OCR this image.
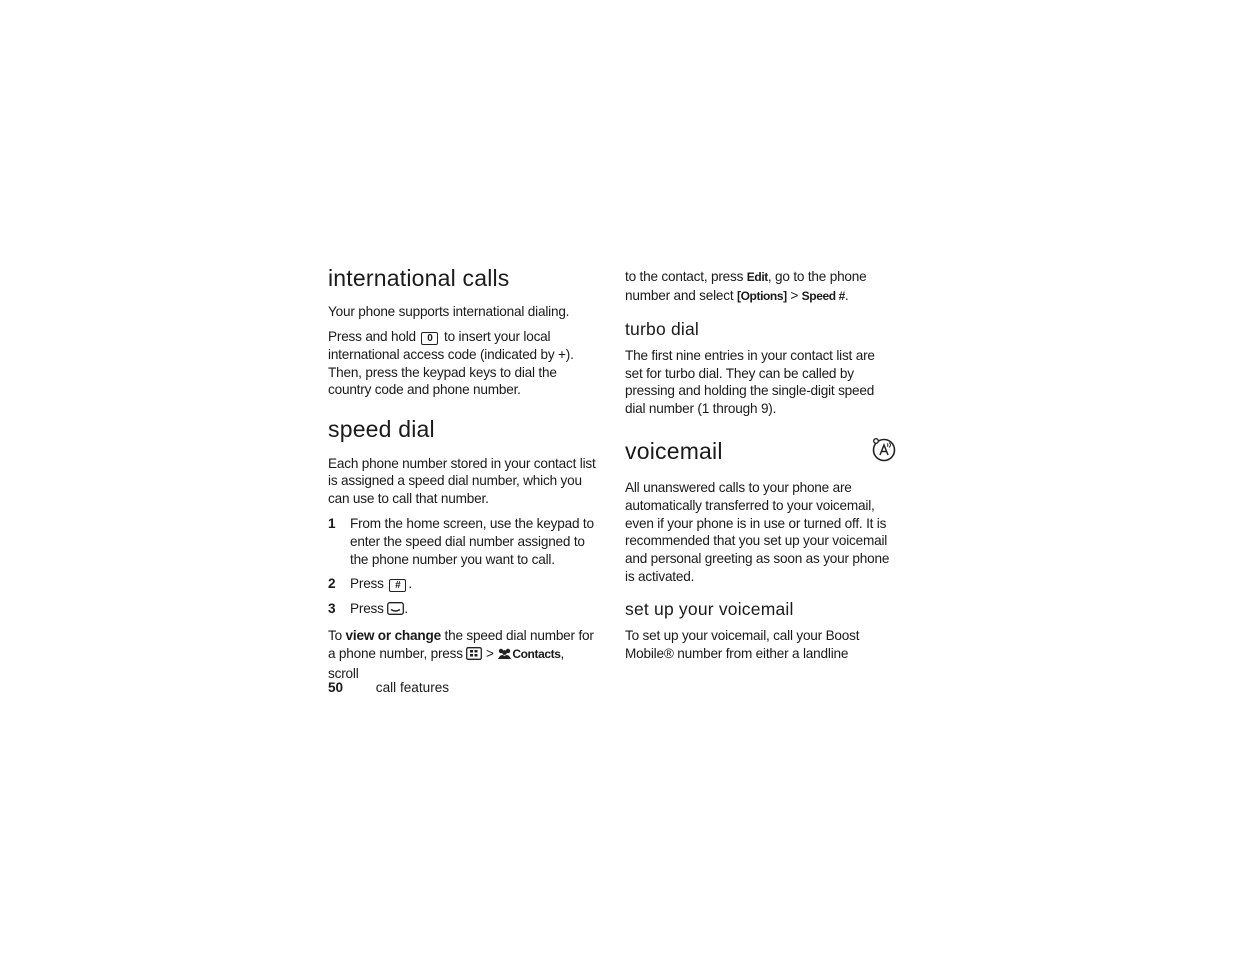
international calls

Your phone supports international dialing.

Press and hold 0 to insert your local international access code (indicated by +). Then, press the keypad keys to dial the country code and phone number.

speed dial

Each phone number stored in your contact list is assigned a speed dial number, which you can use to call that number.

1	From the home screen, use the keypad to enter the speed dial number assigned to the phone number you want to call.
2	Press # .
3	Press .

To view or change the speed dial number for a phone number, press > Contacts, scroll

to the contact, press Edit, go to the phone number and select [Options] > Speed #.

turbo dial

The first nine entries in your contact list are set for turbo dial. They can be called by pressing and holding the single-digit speed dial number (1 through 9).

voicemail

All unanswered calls to your phone are automatically transferred to your voicemail, even if your phone is in use or turned off. It is recommended that you set up your voicemail and personal greeting as soon as your phone is activated.

set up your voicemail

To set up your voicemail, call your Boost Mobile® number from either a landline

50 call features
